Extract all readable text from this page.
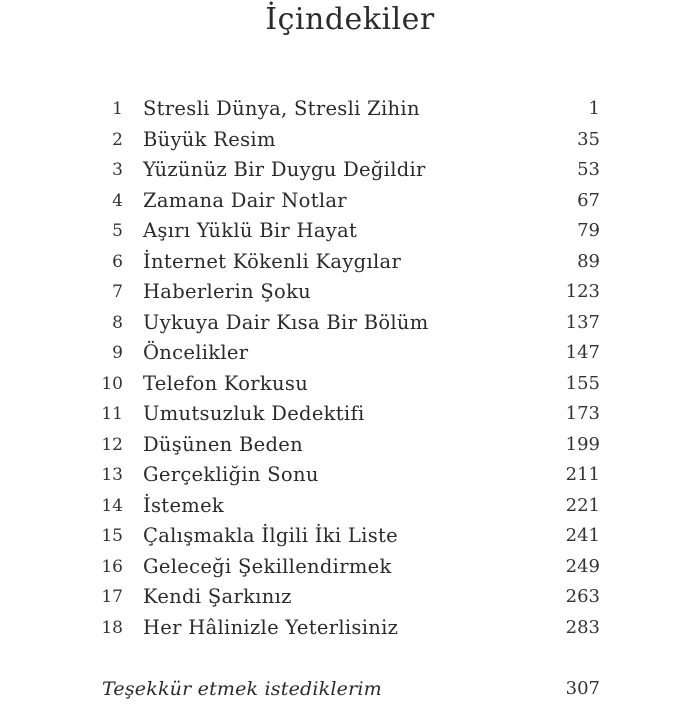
İçindekiler
1 Stresli Dünya, Stresli Zihin	1
2 Büyük Resim	35
3 Yüzünüz Bir Duygu Değildir	53
4 Zamana Dair Notlar	67
5 Aşırı Yüklü Bir Hayat	79
6 İnternet Kökenli Kaygılar	89
7 Haberlerin Şoku	123
8 Uykuya Dair Kısa Bir Bölüm	137
9 Öncelikler	147
10 Telefon Korkusu	155
11 Umutsuzluk Dedektifi	173
12 Düşünen Beden	199
13 Gerçekliğin Sonu	211
14 İstemek	221
15 Çalışmakla İlgili İki Liste	241
16 Geleceği Şekillendirmek	249
17 Kendi Şarkınız	263
18 Her Hâlinizle Yeterlisiniz	283
Teşekkür etmek istediklerim	307
